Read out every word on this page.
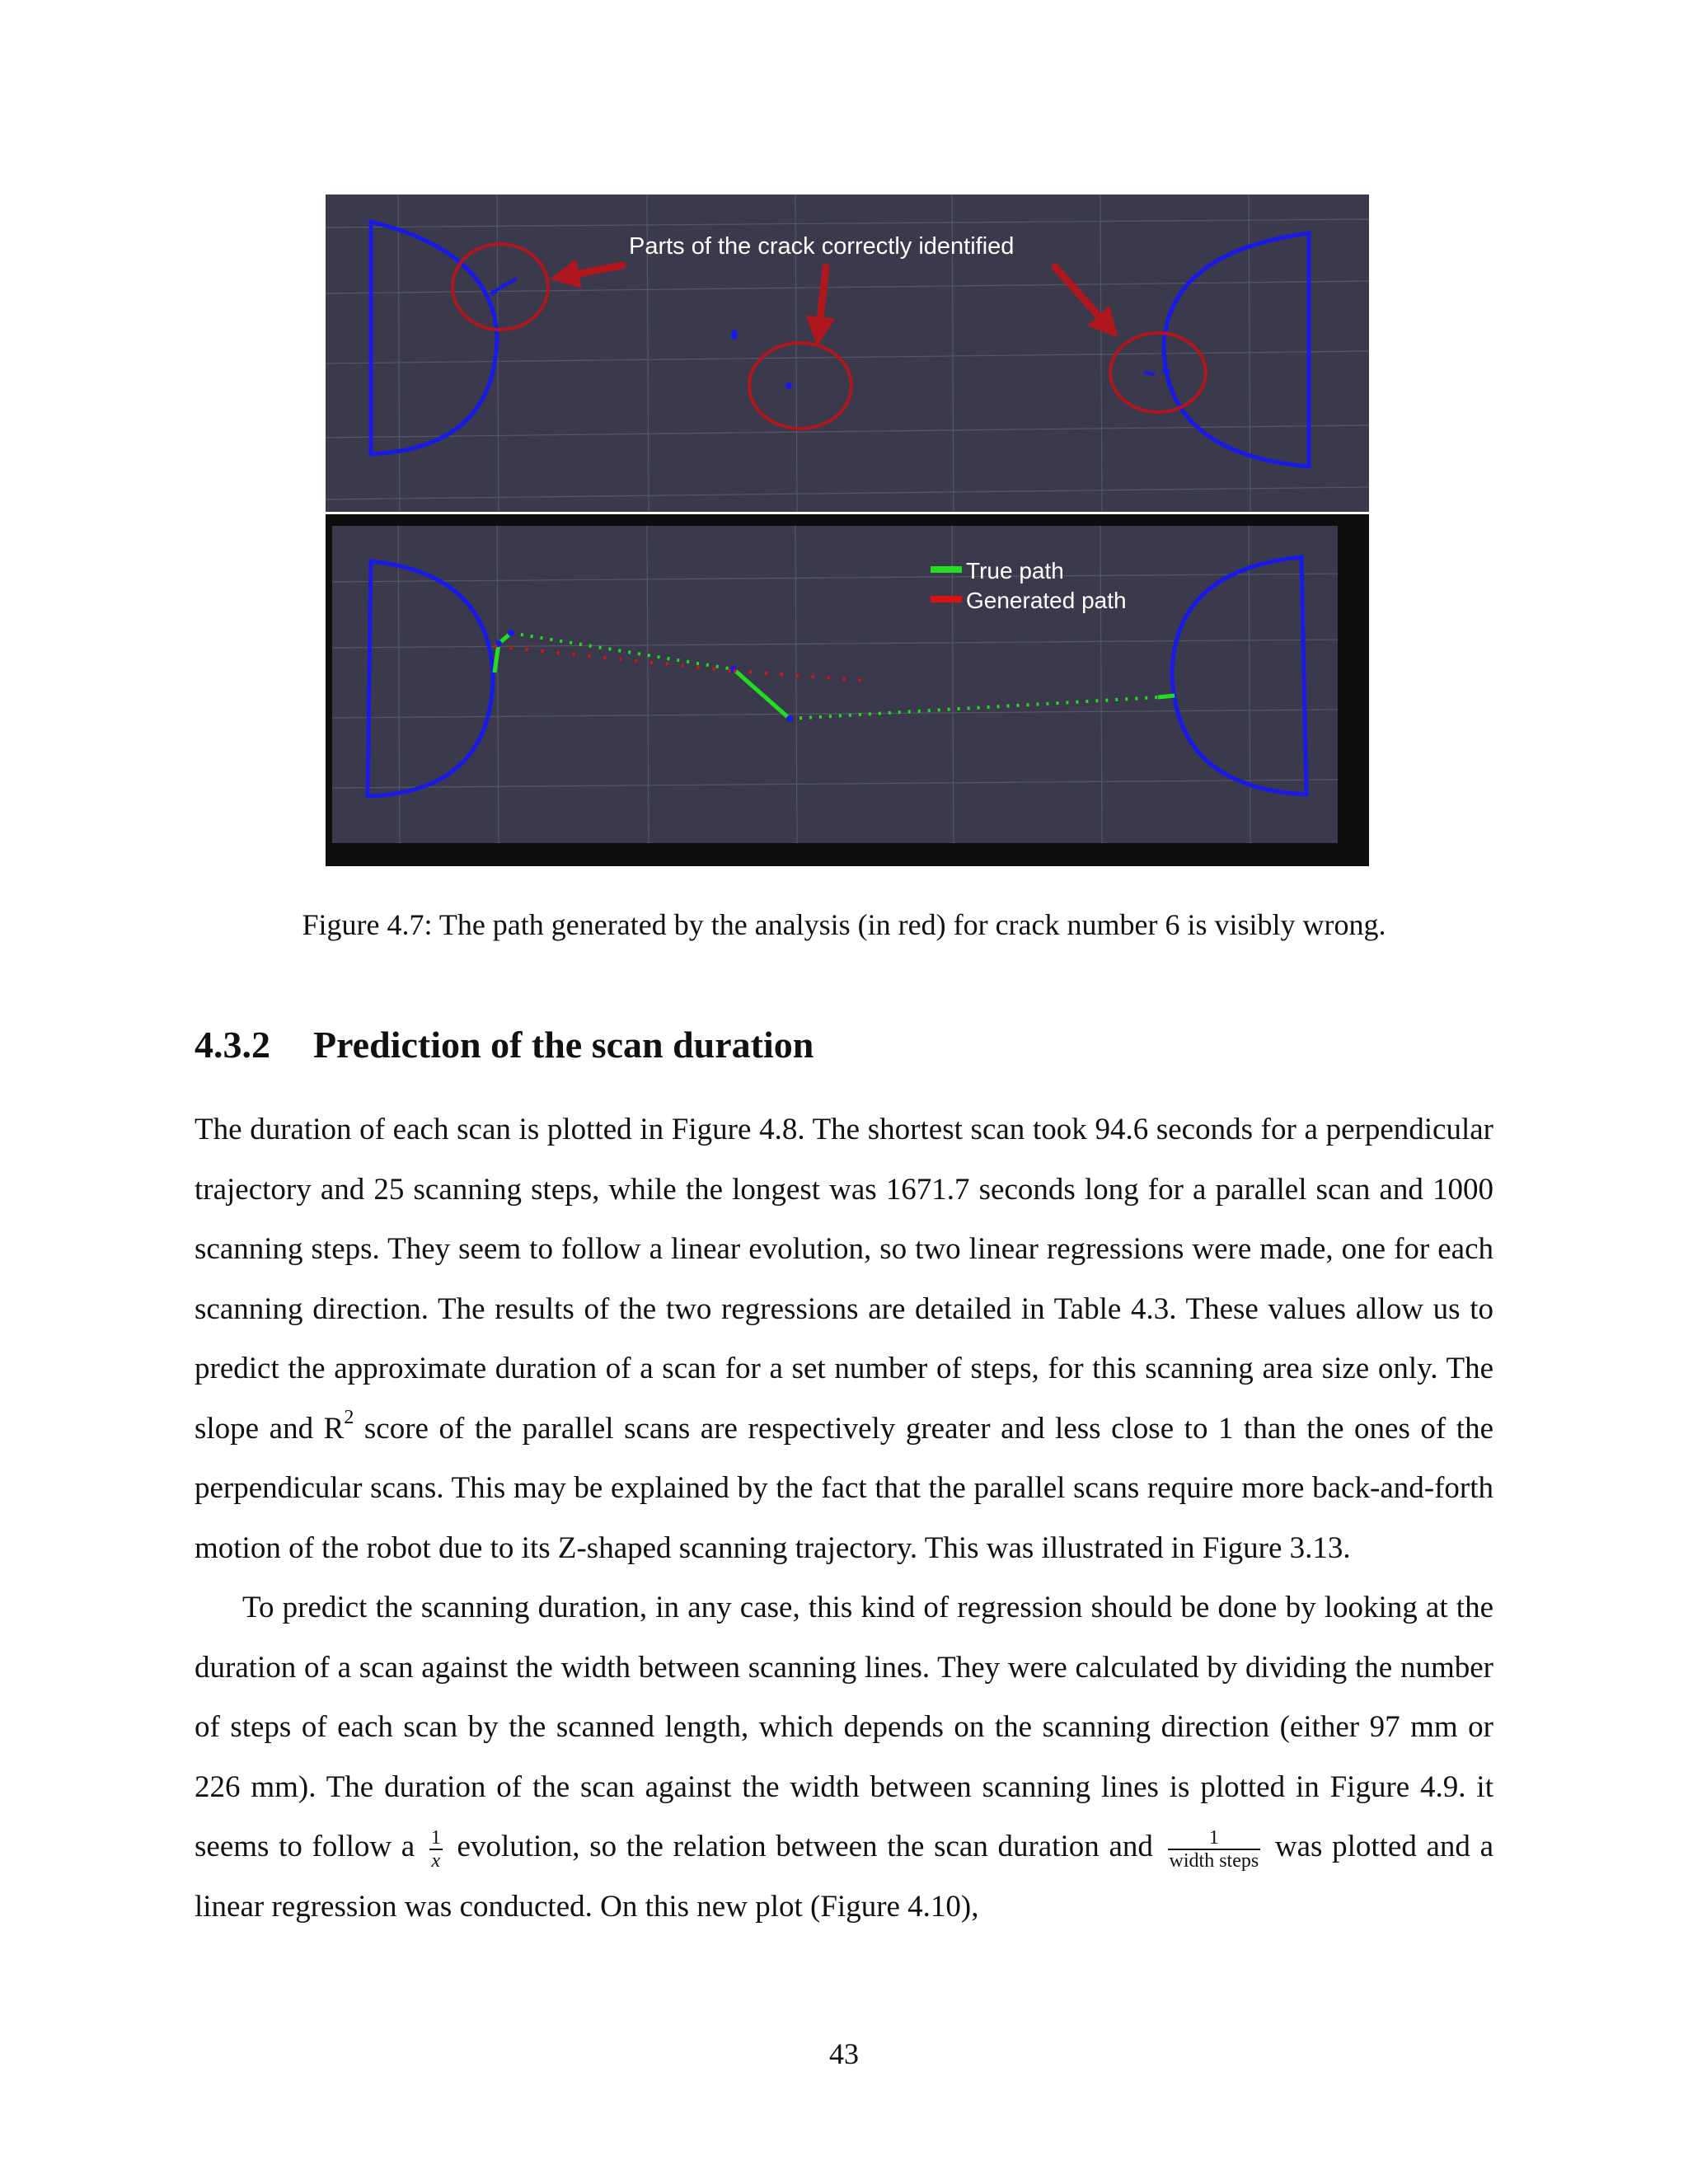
Parts of the crack correctly identified
True path
Generated path
Figure 4.7: The path generated by the analysis (in red) for crack number 6 is visibly wrong.
4.3.2 Prediction of the scan duration

The duration of each scan is plotted in Figure 4.8. The shortest scan took 94.6 seconds for a perpendicular trajectory and 25 scanning steps, while the longest was 1671.7 seconds long for a parallel scan and 1000 scanning steps. They seem to follow a linear evolution, so two linear regressions were made, one for each scanning direction. The results of the two regressions are detailed in Table 4.3. These values allow us to predict the approximate duration of a scan for a set number of steps, for this scanning area size only. The slope and $R^2$ score of the parallel scans are respectively greater and less close to 1 than the ones of the perpendicular scans. This may be explained by the fact that the parallel scans require more back-and-forth motion of the robot due to its Z-shaped scanning trajectory. This was illustrated in Figure 3.13.

To predict the scanning duration, in any case, this kind of regression should be done by looking at the duration of a scan against the width between scanning lines. They were calculated by dividing the number of steps of each scan by the scanned length, which depends on the scanning direction (either 97 mm or 226 mm). The duration of the scan against the width between scanning lines is plotted in Figure 4.9. it seems to follow a $\frac{1}{x}$ evolution, so the relation between the scan duration and $\frac{1}{\text{width steps}}$ was plotted and a linear regression was conducted. On this new plot (Figure 4.10),

43
